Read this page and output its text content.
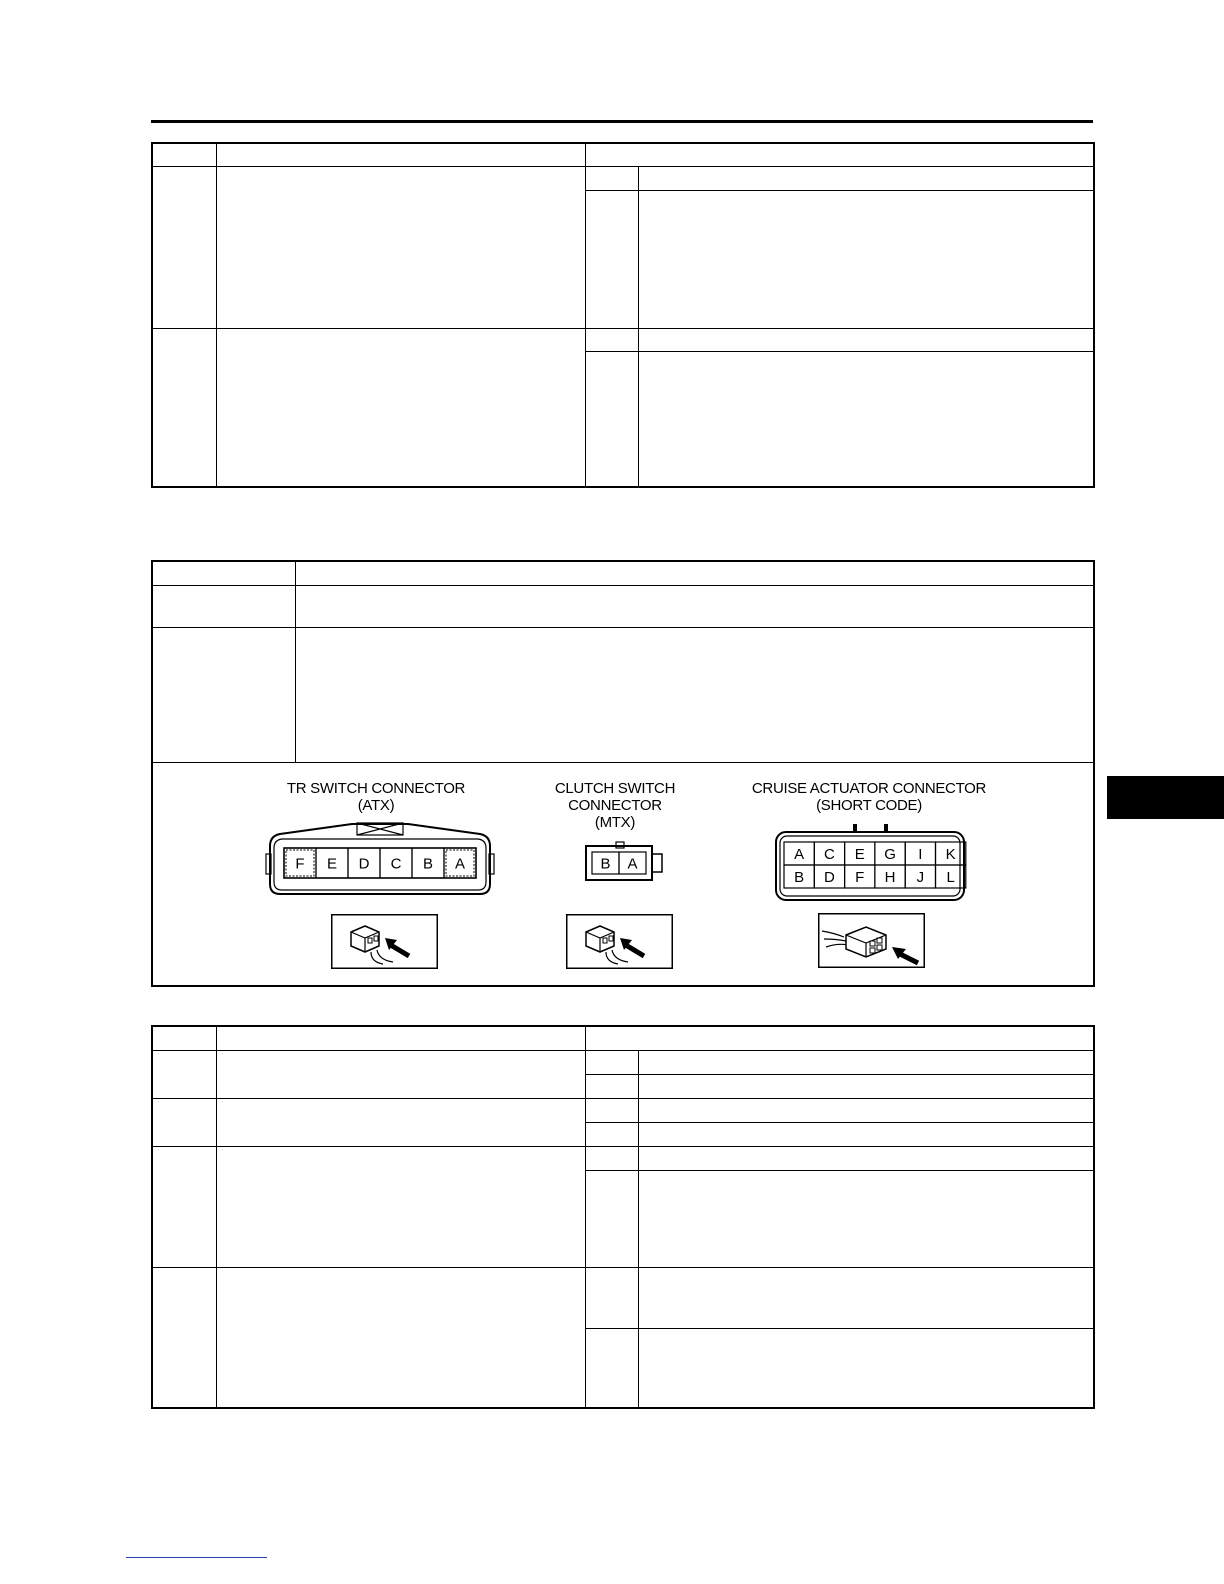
TR SWITCH CONNECTOR
(ATX)
CLUTCH SWITCH
CONNECTOR
(MTX)
CRUISE ACTUATOR CONNECTOR
(SHORT CODE)
F E D C B A	B A
A C E G I K
B D F H J L
